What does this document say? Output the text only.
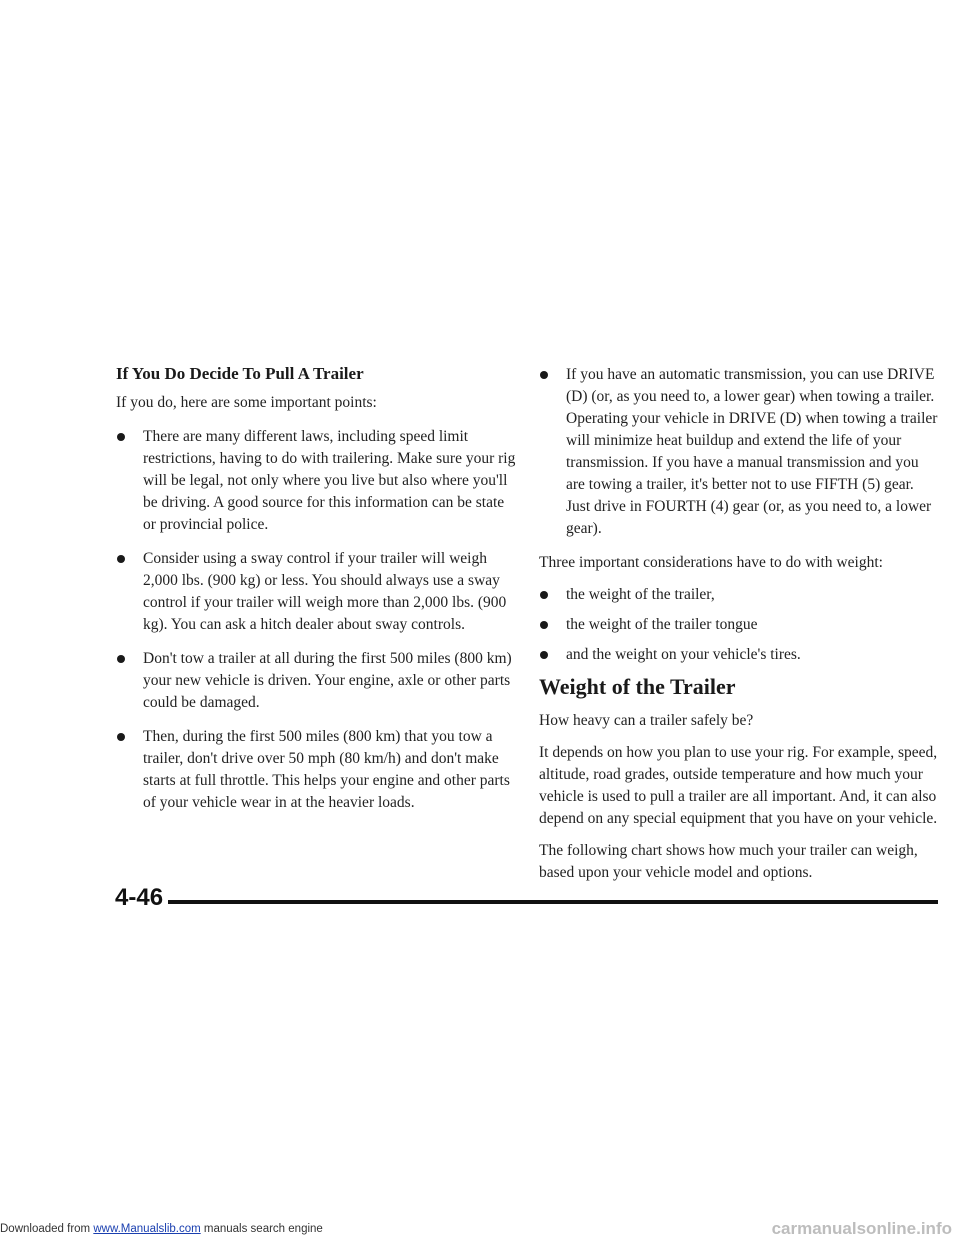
If You Do Decide To Pull A Trailer

If you do, here are some important points:

There are many different laws, including speed limit restrictions, having to do with trailering. Make sure your rig will be legal, not only where you live but also where you'll be driving. A good source for this information can be state or provincial police.
Consider using a sway control if your trailer will weigh 2,000 lbs. (900 kg) or less. You should always use a sway control if your trailer will weigh more than 2,000 lbs. (900 kg). You can ask a hitch dealer about sway controls.
Don't tow a trailer at all during the first 500 miles (800 km) your new vehicle is driven. Your engine, axle or other parts could be damaged.
Then, during the first 500 miles (800 km) that you tow a trailer, don't drive over 50 mph (80 km/h) and don't make starts at full throttle. This helps your engine and other parts of your vehicle wear in at the heavier loads.
If you have an automatic transmission, you can use DRIVE (D) (or, as you need to, a lower gear) when towing a trailer. Operating your vehicle in DRIVE (D) when towing a trailer will minimize heat buildup and extend the life of your transmission. If you have a manual transmission and you are towing a trailer, it's better not to use FIFTH (5) gear. Just drive in FOURTH (4) gear (or, as you need to, a lower gear).

Three important considerations have to do with weight:

the weight of the trailer,
the weight of the trailer tongue
and the weight on your vehicle's tires.
Weight of the Trailer

How heavy can a trailer safely be?

It depends on how you plan to use your rig. For example, speed, altitude, road grades, outside temperature and how much your vehicle is used to pull a trailer are all important. And, it can also depend on any special equipment that you have on your vehicle.

The following chart shows how much your trailer can weigh, based upon your vehicle model and options.

4-46
Downloaded from www.Manualslib.com manuals search engine	carmanualsonline.info
